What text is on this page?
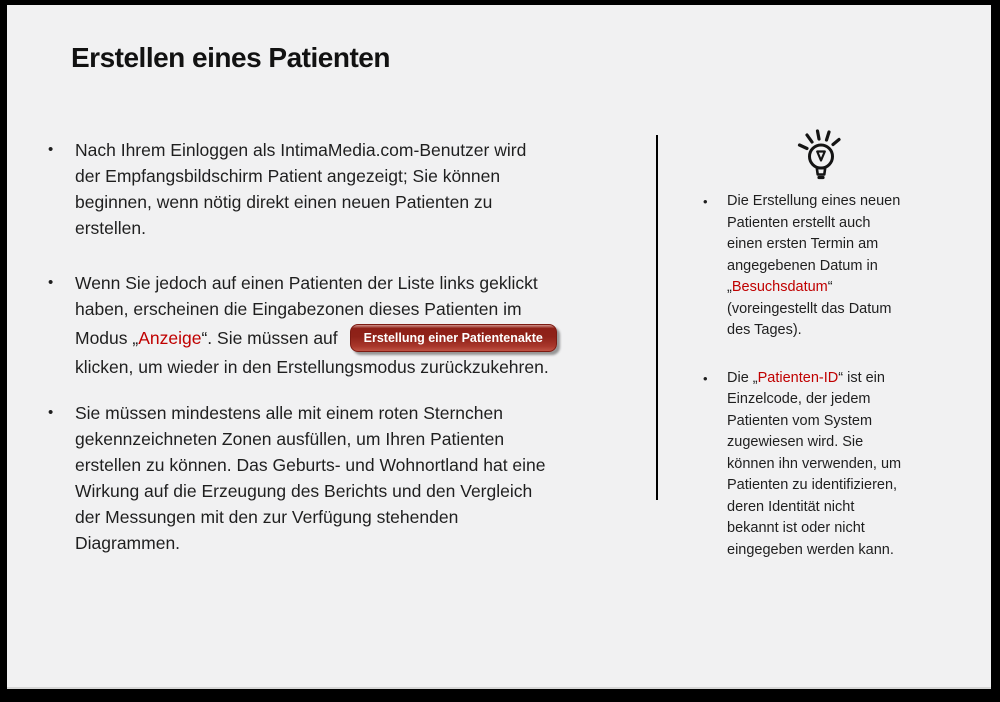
Erstellen eines Patienten
•	Nach Ihrem Einloggen als IntimaMedia.com-Benutzer wird
der Empfangsbildschirm Patient angezeigt; Sie können
beginnen, wenn nötig direkt einen neuen Patienten zu
erstellen.
•	Wenn Sie jedoch auf einen Patienten der Liste links geklickt
haben, erscheinen die Eingabezonen dieses Patienten im
Modus „ Anzeige “. Sie müssen auf	Erstellung einer Patientenakte
klicken, um wieder in den Erstellungsmodus zurückzukehren.
•	Sie müssen mindestens alle mit einem roten Sternchen
gekennzeichneten Zonen ausfüllen, um Ihren Patienten
erstellen zu können. Das Geburts- und Wohnortland hat eine
Wirkung auf die Erzeugung des Berichts und den Vergleich
der Messungen mit den zur Verfügung stehenden
Diagrammen.
•	Die Erstellung eines neuen
Patienten erstellt auch
einen ersten Termin am
angegebenen Datum in
„Besuchsdatum“
(voreingestellt das Datum
des Tages).
•	Die „Patienten-ID“ ist ein
Einzelcode, der jedem
Patienten vom System
zugewiesen wird. Sie
können ihn verwenden, um
Patienten zu identifizieren,
deren Identität nicht
bekannt ist oder nicht
eingegeben werden kann.
